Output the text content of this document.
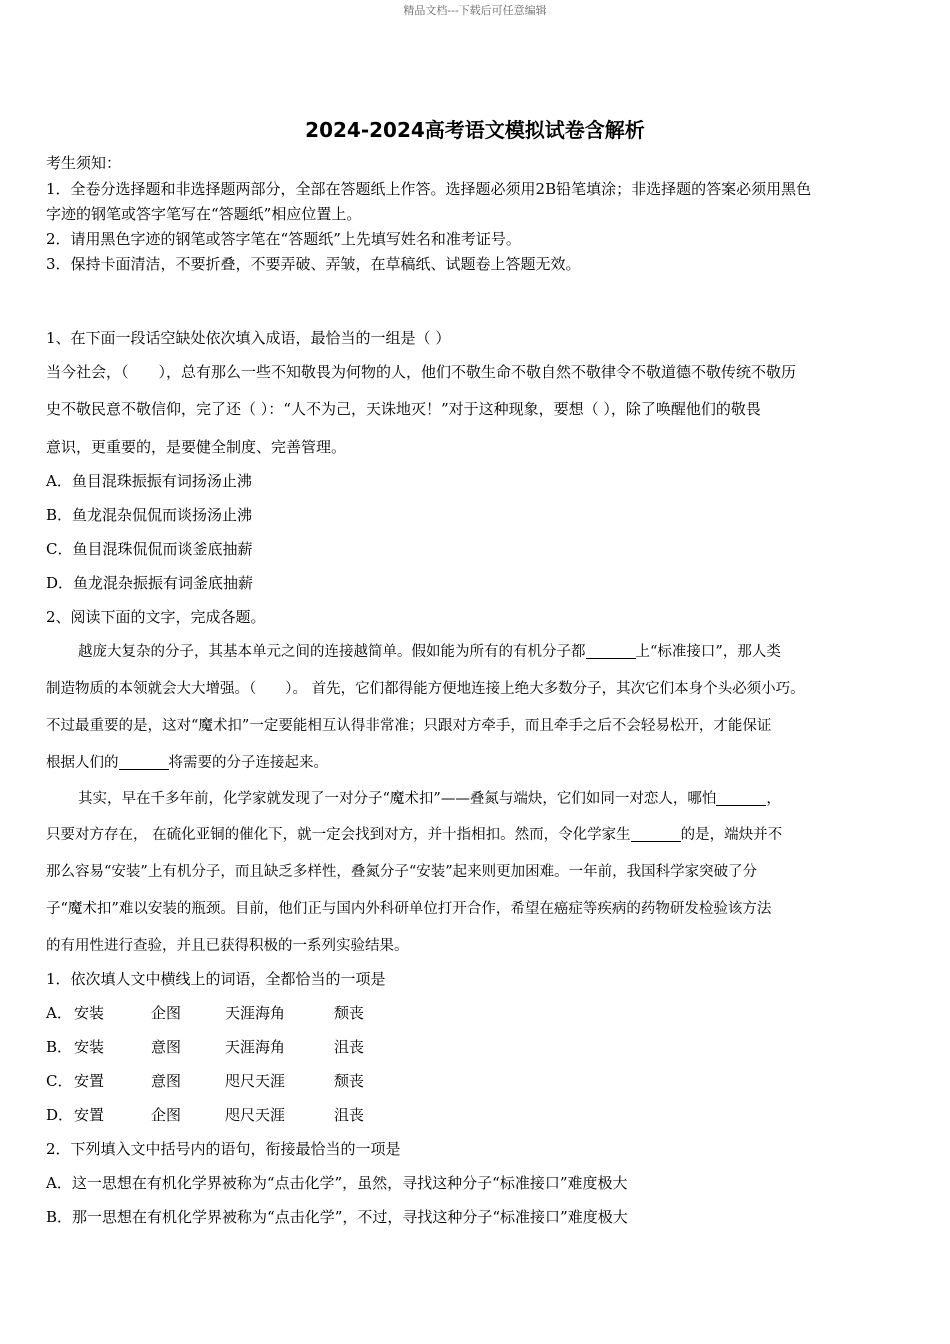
精品文档---下载后可任意编辑
2024-2024高考语文模拟试卷含解析
考生须知：
1．全卷分选择题和非选择题两部分，全部在答题纸上作答。选择题必须用2B铅笔填涂；非选择题的答案必须用黑色
字迹的钢笔或答字笔写在“答题纸”相应位置上。
2．请用黑色字迹的钢笔或答字笔在“答题纸”上先填写姓名和准考证号。
3．保持卡面清洁，不要折叠，不要弄破、弄皱，在草稿纸、试题卷上答题无效。
1、在下面一段话空缺处依次填入成语，最恰当的一组是（ ）
当今社会，（　　），总有那么一些不知敬畏为何物的人，他们不敬生命不敬自然不敬律令不敬道德不敬传统不敬历
史不敬民意不敬信仰，完了还（ ）：“人不为己，天诛地灭！”对于这种现象，要想（ ），除了唤醒他们的敬畏
意识，更重要的，是要健全制度、完善管理。
A．鱼目混珠振振有词扬汤止沸
B．鱼龙混杂侃侃而谈扬汤止沸
C．鱼目混珠侃侃而谈釜底抽薪
D．鱼龙混杂振振有词釜底抽薪
2、阅读下面的文字，完成各题。
越庞大复杂的分子，其基本单元之间的连接越简单。假如能为所有的有机分子都	上“标准接口”，那人类
制造物质的本领就会大大增强。（　　）。 首先，它们都得能方便地连接上绝大多数分子，其次它们本身个头必须小巧。
不过最重要的是，这对“魔术扣”一定要能相互认得非常准；只跟对方牵手，而且牵手之后不会轻易松开，才能保证
根据人们的	将需要的分子连接起来。
其实，早在千多年前，化学家就发现了一对分子“魔术扣”——叠氮与端炔，它们如同一对恋人，哪怕	，
只要对方存在， 在硫化亚铜的催化下，就一定会找到对方，并十指相扣。然而，令化学家生	的是，端炔并不
那么容易“安装”上有机分子，而且缺乏多样性，叠氮分子“安装”起来则更加困难。一年前，我国科学家突破了分
子“魔术扣”难以安装的瓶颈。目前，他们正与国内外科研单位打开合作，希望在癌症等疾病的药物研发检验该方法
的有用性进行查验，并且已获得积极的一系列实验结果。
1．依次填人文中横线上的词语，全都恰当的一项是
A． 安装	企图	天涯海角	颓丧
B． 安装	意图	天涯海角	沮丧
C． 安置	意图	咫尺天涯	颓丧
D．安置	企图	咫尺天涯	沮丧
2．下列填入文中括号内的语句，衔接最恰当的一项是
A．这一思想在有机化学界被称为“点击化学”，虽然，寻找这种分子“标准接口”难度极大
B．那一思想在有机化学界被称为“点击化学”，不过，寻找这种分子“标准接口”难度极大
